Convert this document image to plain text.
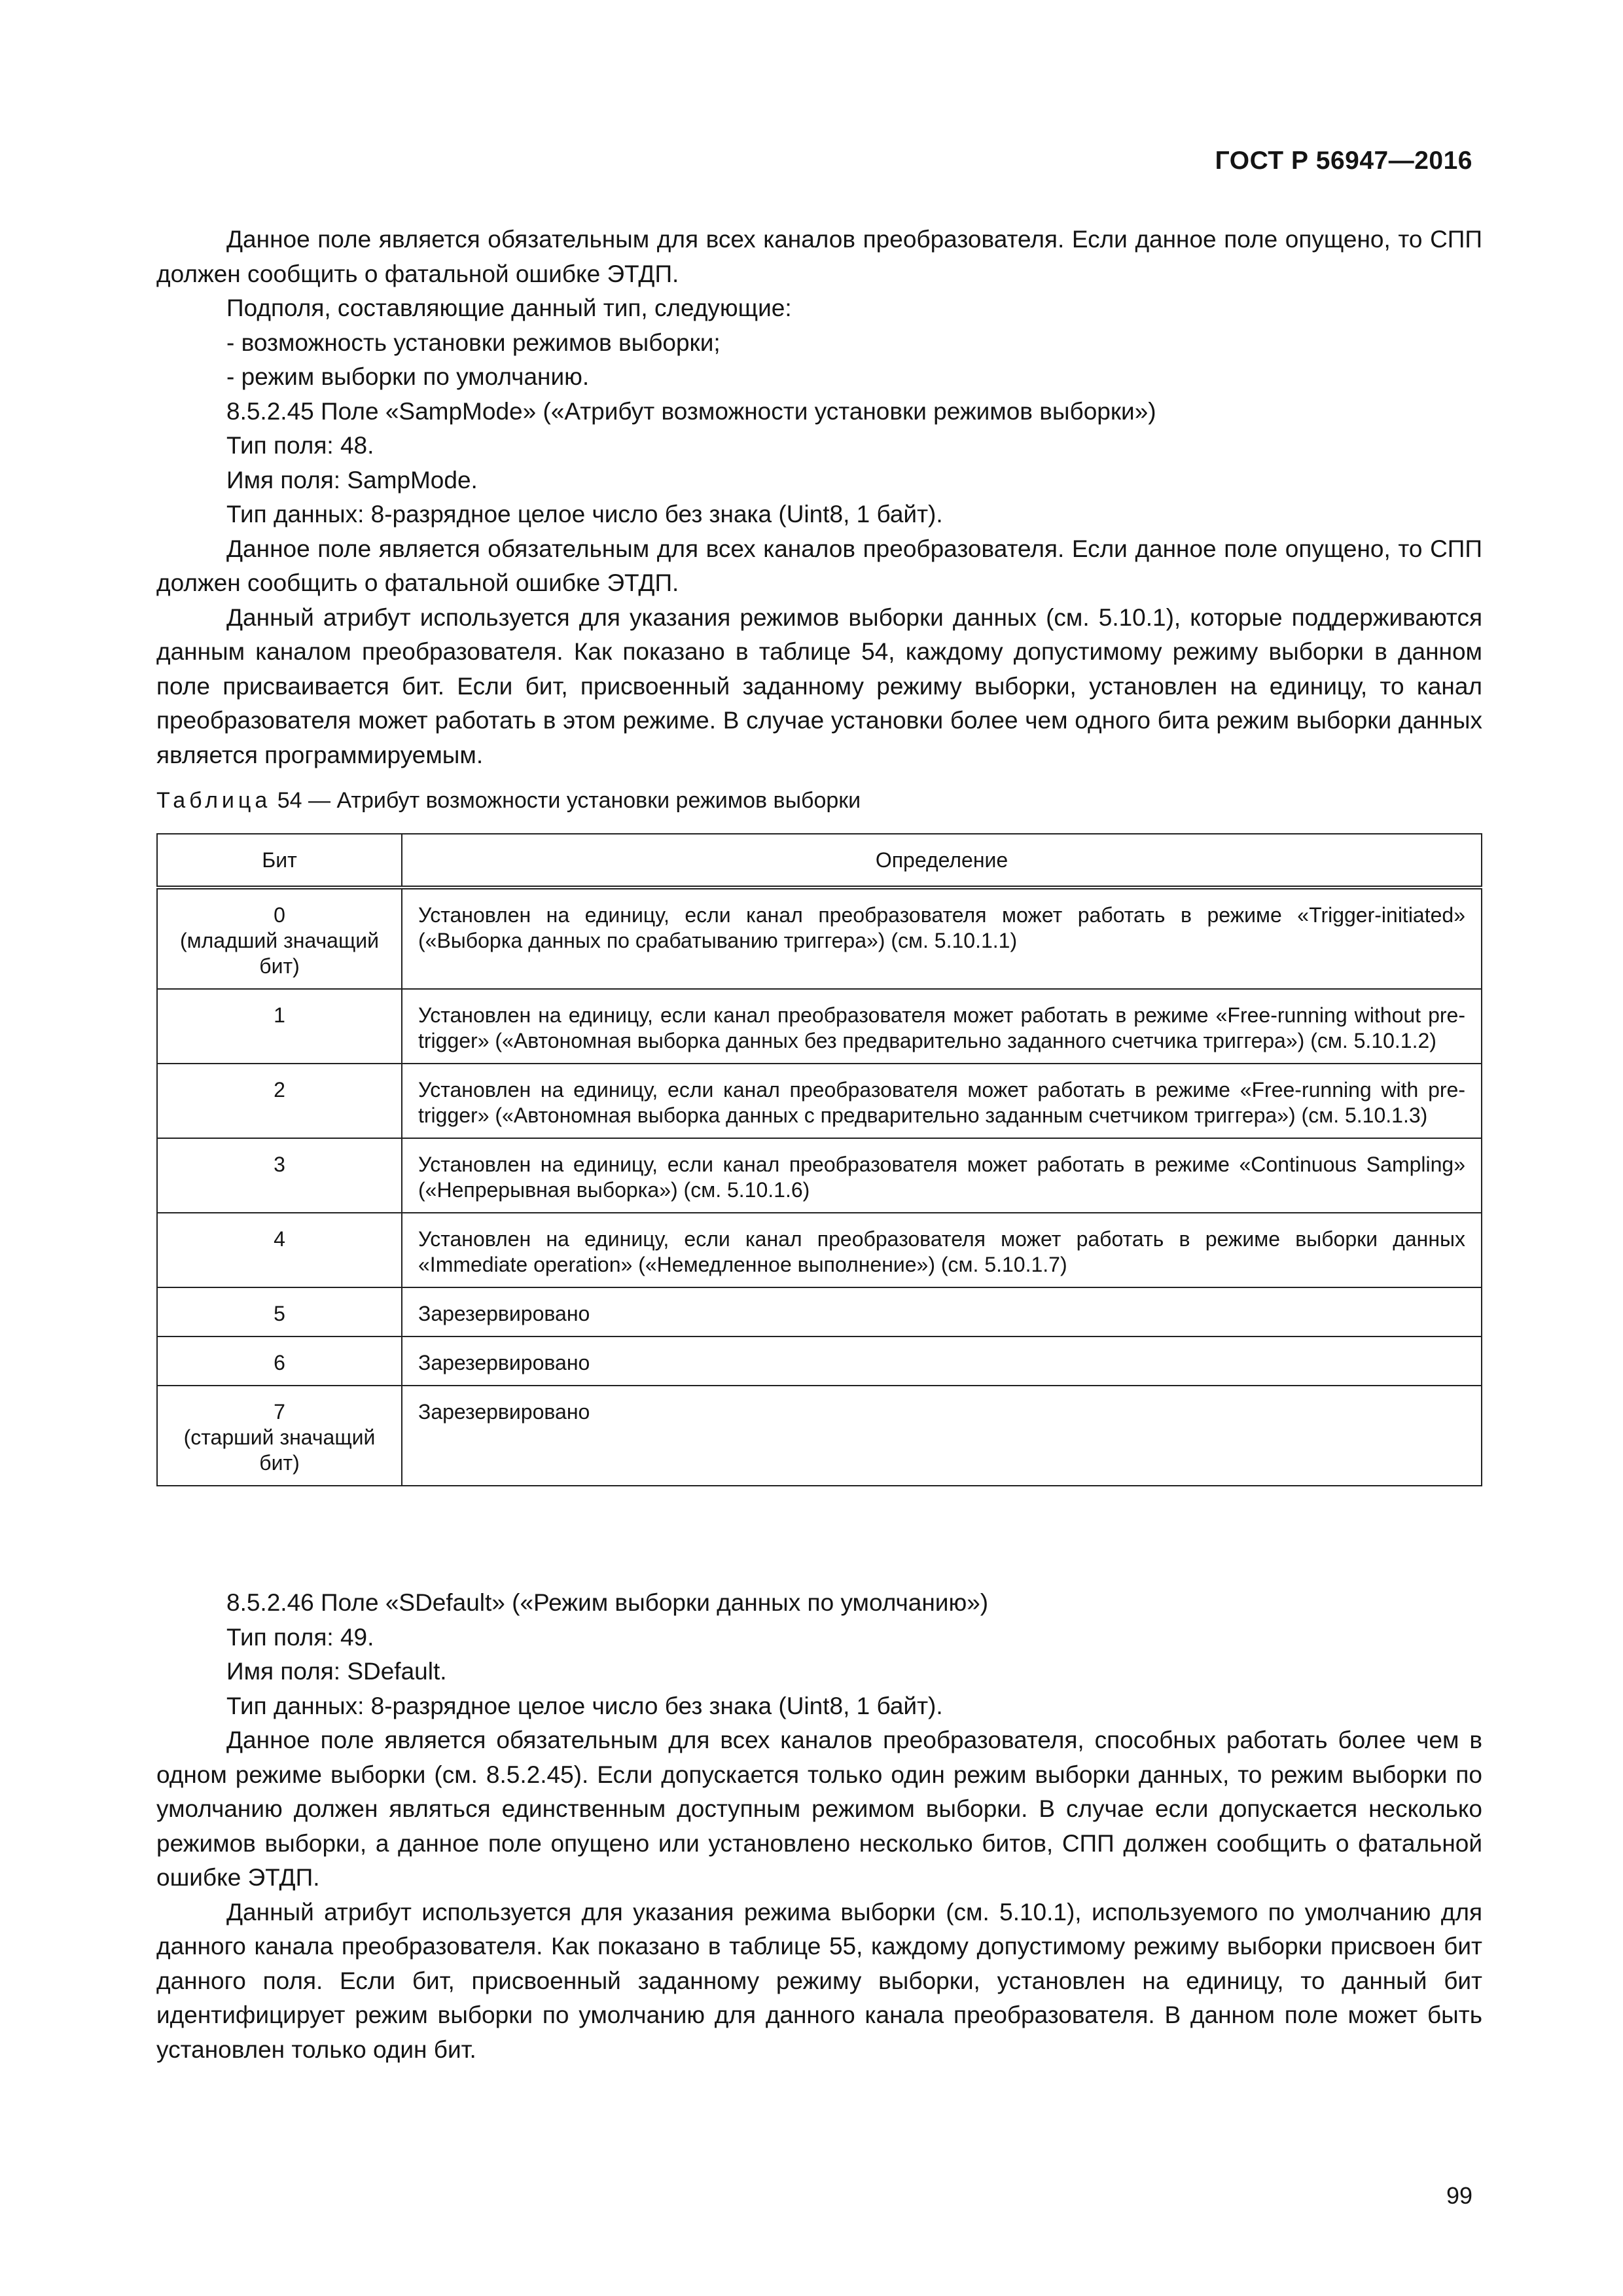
ГОСТ Р 56947—2016

Данное поле является обязательным для всех каналов преобразователя. Если данное поле опущено, то СПП должен сообщить о фатальной ошибке ЭТДП.

Подполя, составляющие данный тип, следующие:

- возможность установки режимов выборки;

- режим выборки по умолчанию.

8.5.2.45 Поле «SampMode» («Атрибут возможности установки режимов выборки»)

Тип поля: 48.

Имя поля: SampMode.

Тип данных: 8-разрядное целое число без знака (Uint8, 1 байт).

Данное поле является обязательным для всех каналов преобразователя. Если данное поле опущено, то СПП должен сообщить о фатальной ошибке ЭТДП.

Данный атрибут используется для указания режимов выборки данных (см. 5.10.1), которые поддерживаются данным каналом преобразователя. Как показано в таблице 54, каждому допустимому режиму выборки в данном поле присваивается бит. Если бит, присвоенный заданному режиму выборки, установлен на единицу, то канал преобразователя может работать в этом режиме. В случае установки более чем одного бита режим выборки данных является программируемым.

Таблица 54 — Атрибут возможности установки режимов выборки
Бит	Определение

0
(младший значащий бит)	Установлен на единицу, если канал преобразователя может работать в режиме «Trigger-initiated» («Выборка данных по срабатыванию триггера») (см. 5.10.1.1)

1	Установлен на единицу, если канал преобразователя может работать в режиме «Free-running without pre-trigger» («Автономная выборка данных без предварительно заданного счетчика триггера») (см. 5.10.1.2)

2	Установлен на единицу, если канал преобразователя может работать в режиме «Free-running with pre-trigger» («Автономная выборка данных с предварительно заданным счетчиком триггера») (см. 5.10.1.3)

3	Установлен на единицу, если канал преобразователя может работать в режиме «Continuous Sampling» («Непрерывная выборка») (см. 5.10.1.6)

4	Установлен на единицу, если канал преобразователя может работать в режиме выборки данных «Immediate operation» («Немедленное выполнение») (см. 5.10.1.7)

5	Зарезервировано

6	Зарезервировано

7
(старший значащий бит)	Зарезервировано

8.5.2.46 Поле «SDefault» («Режим выборки данных по умолчанию»)

Тип поля: 49.

Имя поля: SDefault.

Тип данных: 8-разрядное целое число без знака (Uint8, 1 байт).

Данное поле является обязательным для всех каналов преобразователя, способных работать более чем в одном режиме выборки (см. 8.5.2.45). Если допускается только один режим выборки данных, то режим выборки по умолчанию должен являться единственным доступным режимом выборки. В случае если допускается несколько режимов выборки, а данное поле опущено или установлено несколько битов, СПП должен сообщить о фатальной ошибке ЭТДП.

Данный атрибут используется для указания режима выборки (см. 5.10.1), используемого по умолчанию для данного канала преобразователя. Как показано в таблице 55, каждому допустимому режиму выборки присвоен бит данного поля. Если бит, присвоенный заданному режиму выборки, установлен на единицу, то данный бит идентифицирует режим выборки по умолчанию для данного канала преобразователя. В данном поле может быть установлен только один бит.

99
